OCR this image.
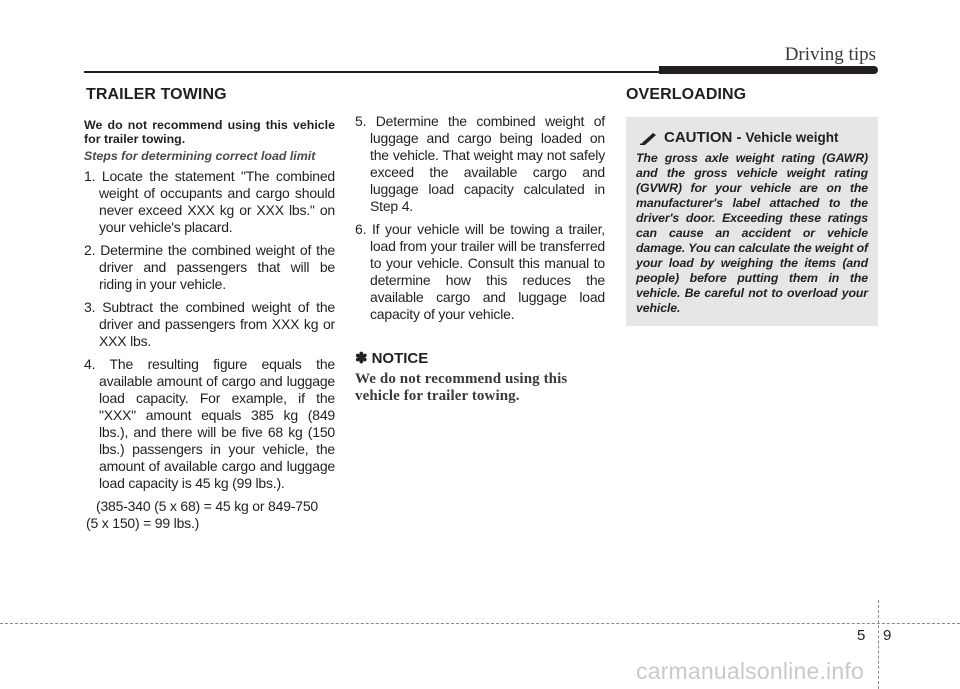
Driving tips
TRAILER TOWING

We do not recommend using this vehicle for trailer towing.

Steps for determining correct load limit

1. Locate the statement "The combined weight of occupants and cargo should never exceed XXX kg or XXX lbs." on your vehicle's placard.
2. Determine the combined weight of the driver and passengers that will be riding in your vehicle.
3. Subtract the combined weight of the driver and passengers from XXX kg or XXX lbs.
4. The resulting figure equals the available amount of cargo and luggage load capacity. For example, if the "XXX" amount equals 385 kg (849 lbs.), and there will be five 68 kg (150 lbs.) passengers in your vehicle, the amount of available cargo and luggage load capacity is 45 kg (99 lbs.).
(385-340 (5 x 68) = 45 kg or 849-750
(5 x 150) = 99 lbs.)
5. Determine the combined weight of luggage and cargo being loaded on the vehicle. That weight may not safely exceed the available cargo and luggage load capacity calculated in Step 4.
6. If your vehicle will be towing a trailer, load from your trailer will be transferred to your vehicle. Consult this manual to determine how this reduces the available cargo and luggage load capacity of your vehicle.
✽ NOTICE
We do not recommend using this vehicle for trailer towing.
OVERLOADING
CAUTION - Vehicle weight
The gross axle weight rating (GAWR) and the gross vehicle weight rating (GVWR) for your vehicle are on the manufacturer's label attached to the driver's door. Exceeding these ratings can cause an accident or vehicle damage. You can calculate the weight of your load by weighing the items (and people) before putting them in the vehicle. Be careful not to overload your vehicle.
5 9
carmanualsonline.info
